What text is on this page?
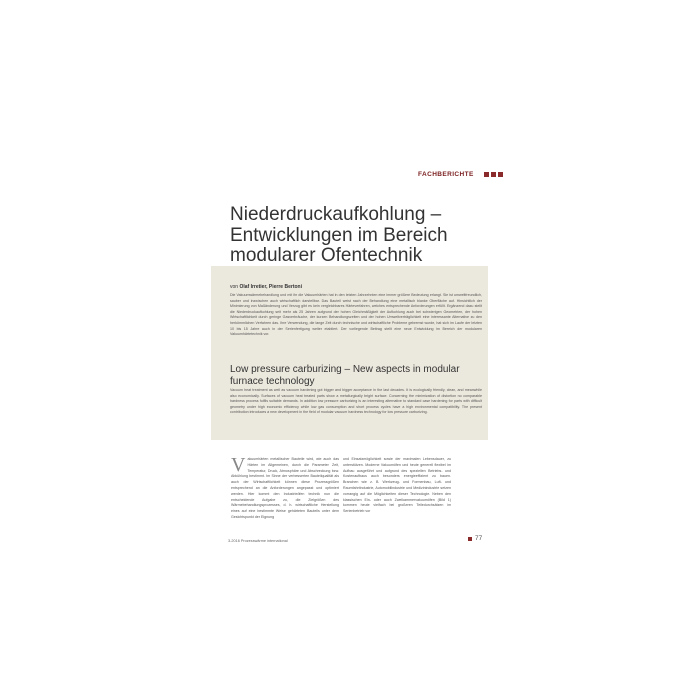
FACHBERICHTE
Niederdruckaufkohlung –
Entwicklungen im Bereich
modularer Ofentechnik
von Olaf Irretier, Pierre Bertoni
Die Vakuumwärmebehandlung und mit ihr die Vakuumhärten hat in den letzten Jahrzehnten eine immer größere Bedeutung erlangt. Sie ist umweltfreundlich, sauber und inzwischen auch wirtschaftlich darstellbar. Das Bauteil weist nach der Behandlung eine metallisch blanke Oberfläche auf. Hinsichtlich der Minimierung von Maßänderung und Verzug gibt es kein vergleichbares Härteverfahren, welches entsprechende Anforderungen erfüllt. Ergänzend dazu stellt die Niederdruckaufkohlung seit mehr als 25 Jahren aufgrund der hohen Gleichmäßigkeit der Aufkohlung auch bei schwierigen Geometrien, der hohen Wirtschaftlichkeit durch geringe Gasverbräuche, der kurzen Behandlungszeiten und der hohen Umweltverträglichkeit eine interessante Alternative zu den herkömmlichen Verfahren das. Ihre Verwendung, die lange Zeit durch technische und wirtschaftliche Probleme gebremst wurde, hat sich im Laufe der letzten 10 bis 15 Jahre auch in der Serienfertigung weiter etabliert. Der vorliegende Beitrag stellt eine neue Entwicklung im Bereich der modularen Vakuumhärtetechnik vor.
Low pressure carburizing – New aspects in modular furnace technology
Vacuum heat treatment as well as vacuum hardening got bigger and bigger acceptance in the last decades. It is ecologically friendly, clean, and meanwhile also economically. Surfaces of vacuum heat treated parts show a metallurgically bright surface. Concerning the minimization of distortion no comparable hardness process fulfils suitable demands. In addition low pressure carburizing is an interesting alternative to standard case hardening for parts with difficult geometry under high economic efficiency while low gas consumption and short process cycles have a high environmental compatibility. The present contribution introduces a new development in the field of modular vacuum hardness technology for low pressure carburizing.
V akuumhärten metallischer Bauteile wird, wie auch das Härten im Allgemeinen, durch die Parameter Zeit, Temperatur, Druck, Atmosphäre und Abschreckung bzw. Abkühlung bestimmt. Im Sinne der verbesserten Bauteilqualität als auch der Wirtschaftlichkeit können diese Prozessgrößen entsprechend an die Anforderungen angepasst und optimiert werden. Hier kommt den Industrieöfen technik nun die entscheidende Aufgabe zu, die Zielgrößen des Wärmebehandlungsprozesses, d. h. wirtschaftliche Herstellung eines auf eine bestimmte Weise gehärteten Bauteils unter dem Gesichtspunkt der Eignung
und Einsatzmöglichkeit sowie der maximalen Lebensdauer, zu unterstützen. Moderne Vakuumöfen und heute generell flexibel im Aufbau ausgeführt und aufgrund des speziellen Betriebs- und Kostenaufbaus auch besonders energieeffizient zu bauen. Branchen wie z. B. Werkzeug- und Formenbau, Luft- und Raumfahrtindustrie, Automobilindustrie und Medizinindustrie setzen vorrangig auf die Möglichkeiten dieser Technologie. Neben den klassischen Ein- oder auch Zweikammervakuumöfen (Bild 1) kommen heute vielfach bei großeren Teiledurchsätzen im Serienbetrieb vor
3-2016 Prozesswärme international	77
